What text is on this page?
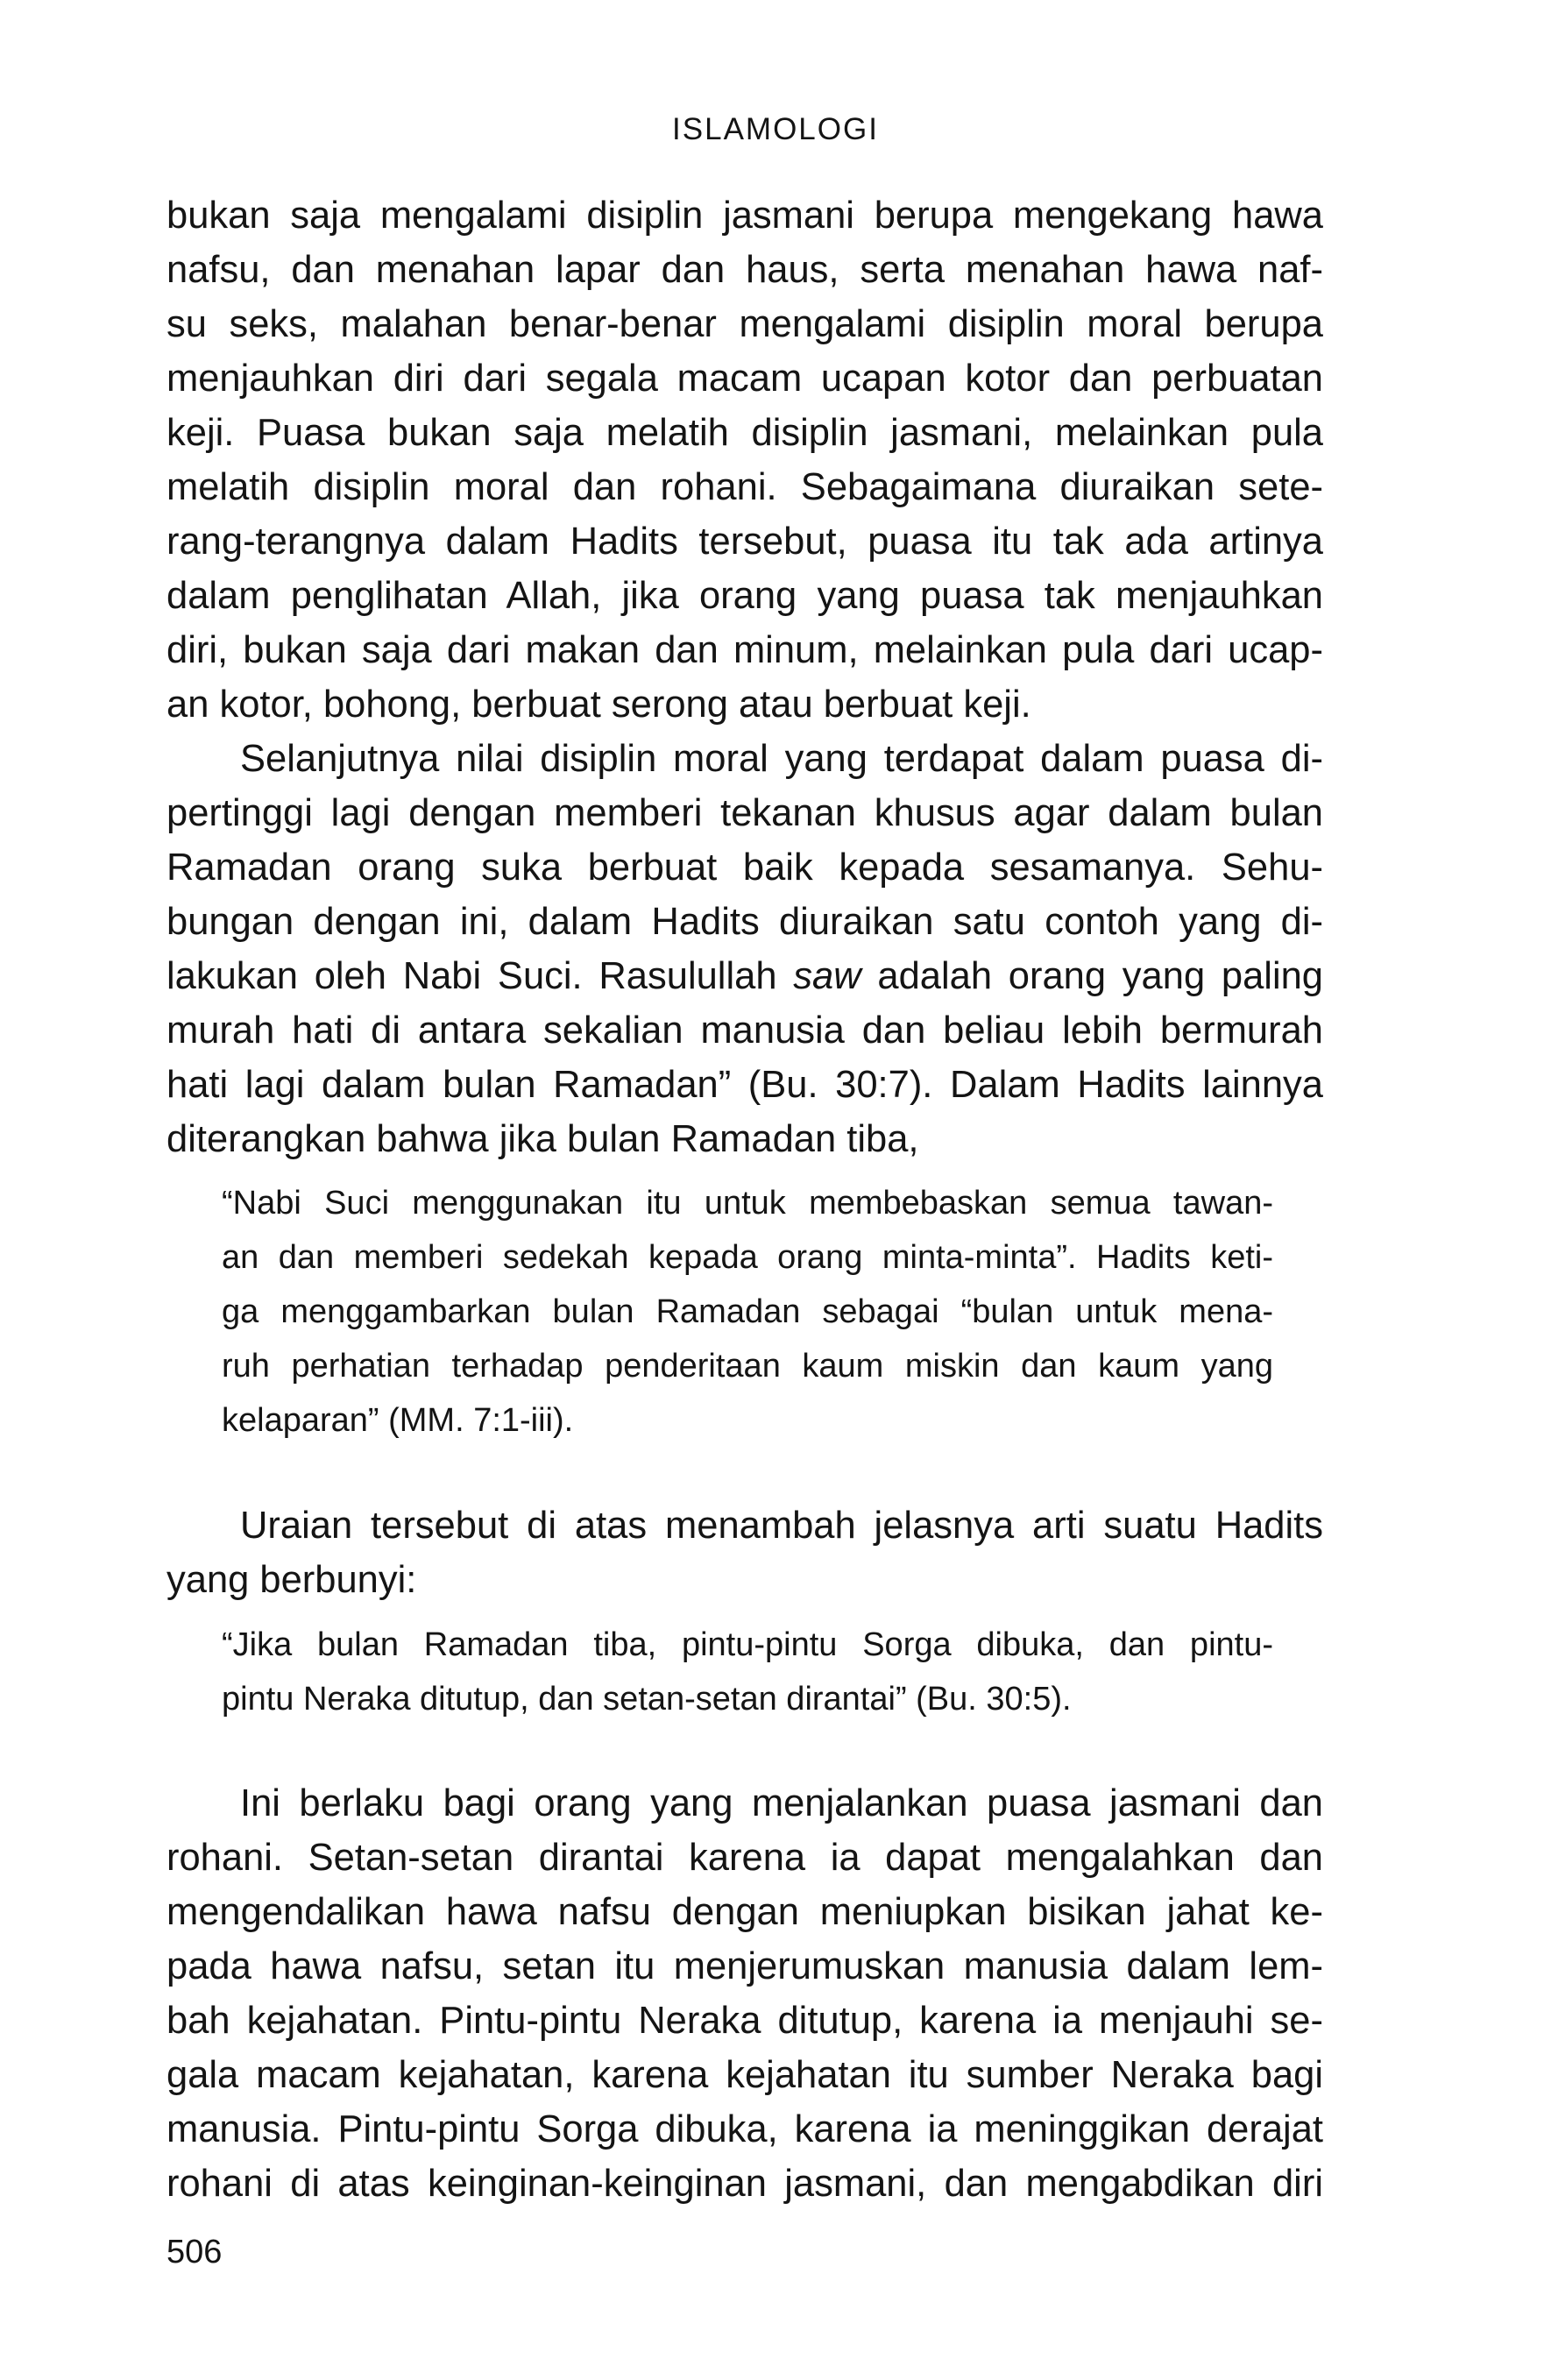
ISLAMOLOGI
bukan saja mengalami disiplin jasmani berupa mengekang hawa
nafsu, dan menahan lapar dan haus, serta menahan hawa naf-
su seks, malahan benar-benar mengalami disiplin moral berupa
menjauhkan diri dari segala macam ucapan kotor dan perbuatan
keji. Puasa bukan saja melatih disiplin jasmani, melainkan pula
melatih disiplin moral dan rohani. Sebagaimana diuraikan sete-
rang-terangnya dalam Hadits tersebut, puasa itu tak ada artinya
dalam penglihatan Allah, jika orang yang puasa tak menjauhkan
diri, bukan saja dari makan dan minum, melainkan pula dari ucap-
an kotor, bohong, berbuat serong atau berbuat keji.
Selanjutnya nilai disiplin moral yang terdapat dalam puasa di-
pertinggi lagi dengan memberi tekanan khusus agar dalam bulan
Ramadan orang suka berbuat baik kepada sesamanya. Sehu-
bungan dengan ini, dalam Hadits diuraikan satu contoh yang di-
lakukan oleh Nabi Suci. Rasulullah saw adalah orang yang paling
murah hati di antara sekalian manusia dan beliau lebih bermurah
hati lagi dalam bulan Ramadan” (Bu. 30:7). Dalam Hadits lainnya
diterangkan bahwa jika bulan Ramadan tiba,
“Nabi Suci menggunakan itu untuk membebaskan semua tawan-
an dan memberi sedekah kepada orang minta-minta”. Hadits keti-
ga menggambarkan bulan Ramadan sebagai “bulan untuk mena-
ruh perhatian terhadap penderitaan kaum miskin dan kaum yang
kelaparan” (MM. 7:1-iii).
Uraian tersebut di atas menambah jelasnya arti suatu Hadits
yang berbunyi:
“Jika bulan Ramadan tiba, pintu-pintu Sorga dibuka, dan pintu-
pintu Neraka ditutup, dan setan-setan dirantai” (Bu. 30:5).
Ini berlaku bagi orang yang menjalankan puasa jasmani dan
rohani. Setan-setan dirantai karena ia dapat mengalahkan dan
mengendalikan hawa nafsu dengan meniupkan bisikan jahat ke-
pada hawa nafsu, setan itu menjerumuskan manusia dalam lem-
bah kejahatan. Pintu-pintu Neraka ditutup, karena ia menjauhi se-
gala macam kejahatan, karena kejahatan itu sumber Neraka bagi
manusia. Pintu-pintu Sorga dibuka, karena ia meninggikan derajat
rohani di atas keinginan-keinginan jasmani, dan mengabdikan diri
506
